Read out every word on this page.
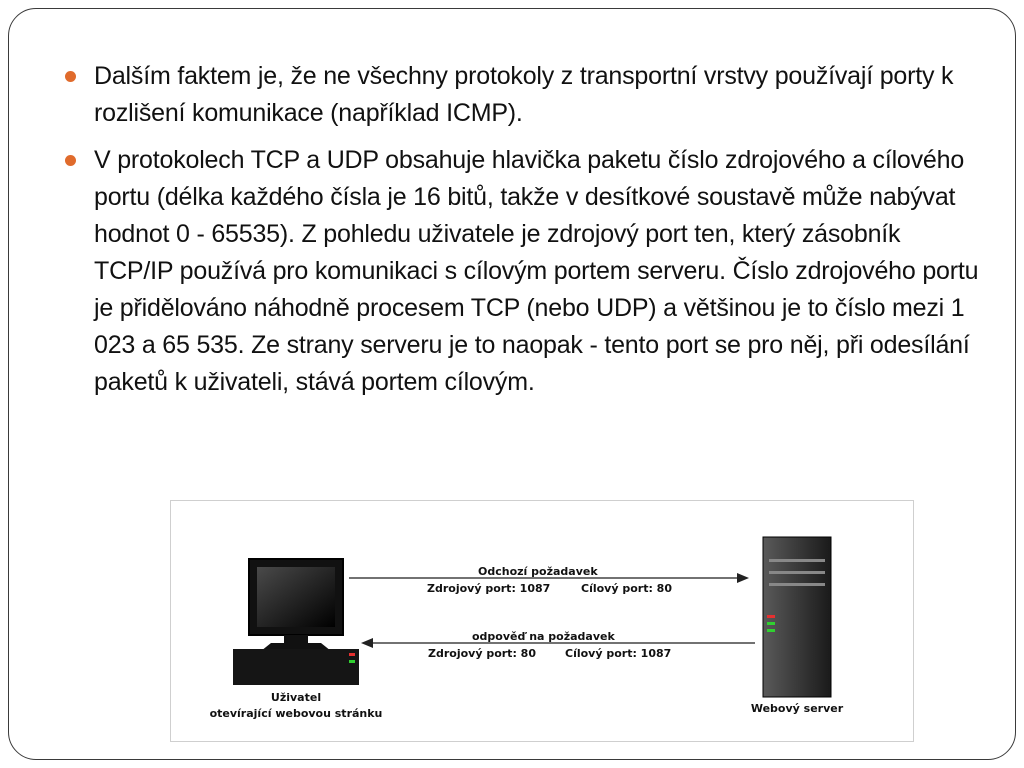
Dalším faktem je, že ne všechny protokoly z transportní vrstvy používají porty k rozlišení komunikace (například ICMP).
V protokolech TCP a UDP obsahuje hlavička paketu číslo zdrojového a cílového portu (délka každého čísla je 16 bitů, takže v desítkové soustavě může nabývat hodnot 0 - 65535). Z pohledu uživatele je zdrojový port ten, který zásobník TCP/IP používá pro komunikaci s cílovým portem serveru. Číslo zdrojového portu je přidělováno náhodně procesem TCP (nebo UDP) a většinou je to číslo mezi 1 023 a 65 535. Ze strany serveru je to naopak - tento port se pro něj, při odesílání paketů k uživateli, stává portem cílovým.
Odchozí požadavek
Zdrojový port: 1087	Cílový port: 80
odpověď na požadavek
Zdrojový port: 80	Cílový port: 1087
Uživatel
otevírající webovou stránku	Webový server
